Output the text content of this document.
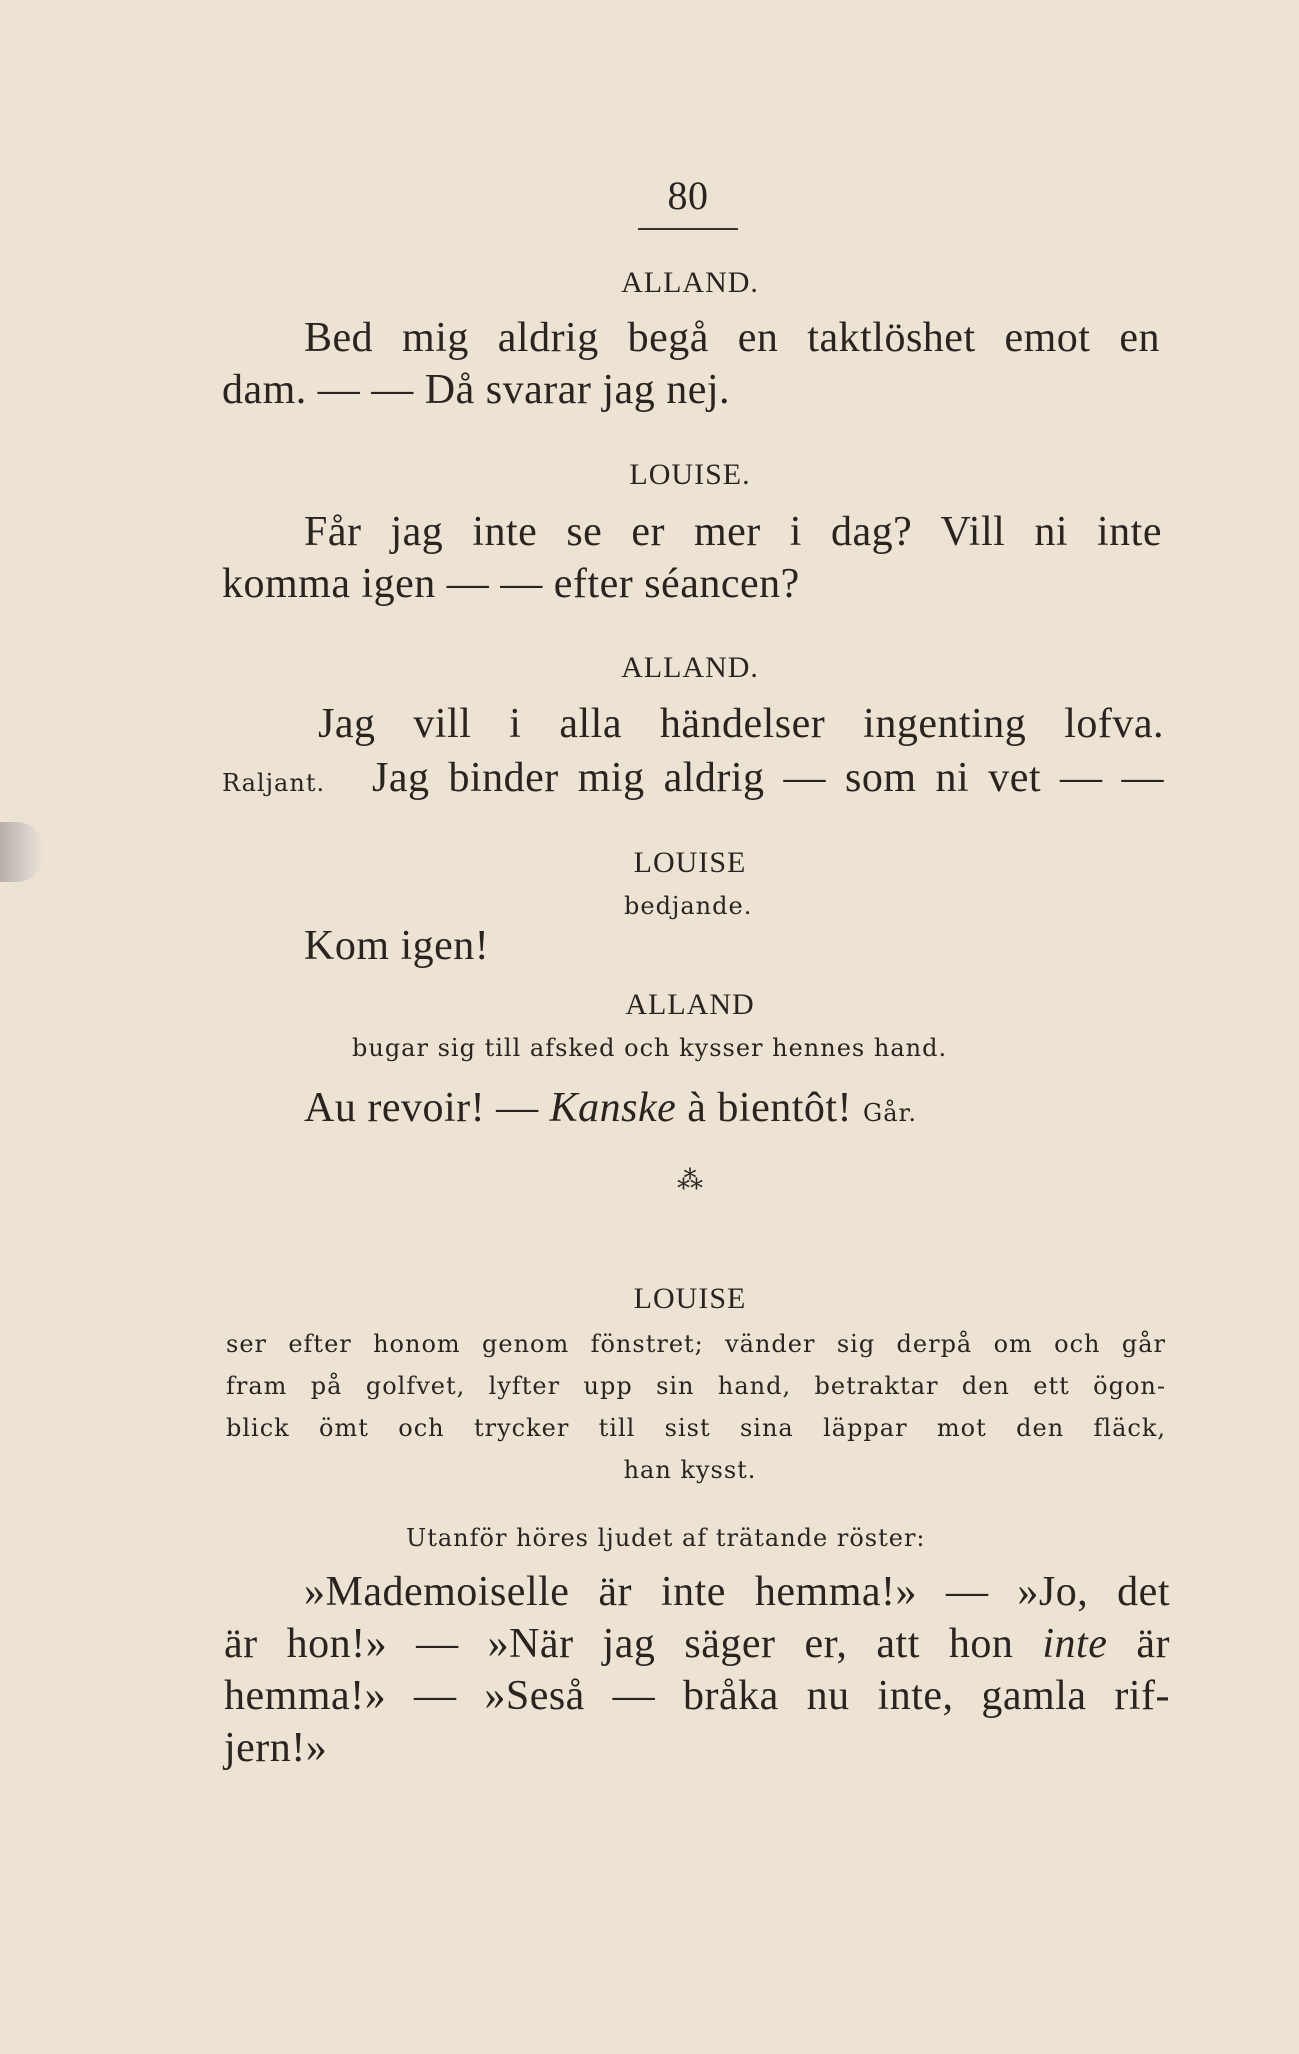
80
ALLAND.
Bed mig aldrig begå en taktlöshet emot en
dam. — — Då svarar jag nej.
LOUISE.
Får jag inte se er mer i dag? Vill ni inte
komma igen — — efter séancen?
ALLAND.
Jag vill i alla händelser ingenting lofva.
Raljant. Jag binder mig aldrig — som ni vet — —
LOUISE
bedjande.
Kom igen!
ALLAND
bugar sig till afsked och kysser hennes hand.
Au revoir! — Kanske à bientôt! Går.
⁂
LOUISE
ser efter honom genom fönstret; vänder sig derpå om och går
fram på golfvet, lyfter upp sin hand, betraktar den ett ögon-
blick ömt och trycker till sist sina läppar mot den fläck,
han kysst.
Utanför höres ljudet af trätande röster:
»Mademoiselle är inte hemma!» — »Jo, det
är hon!» — »När jag säger er, att hon inte är
hemma!» — »Seså — bråka nu inte, gamla rif-
jern!»
